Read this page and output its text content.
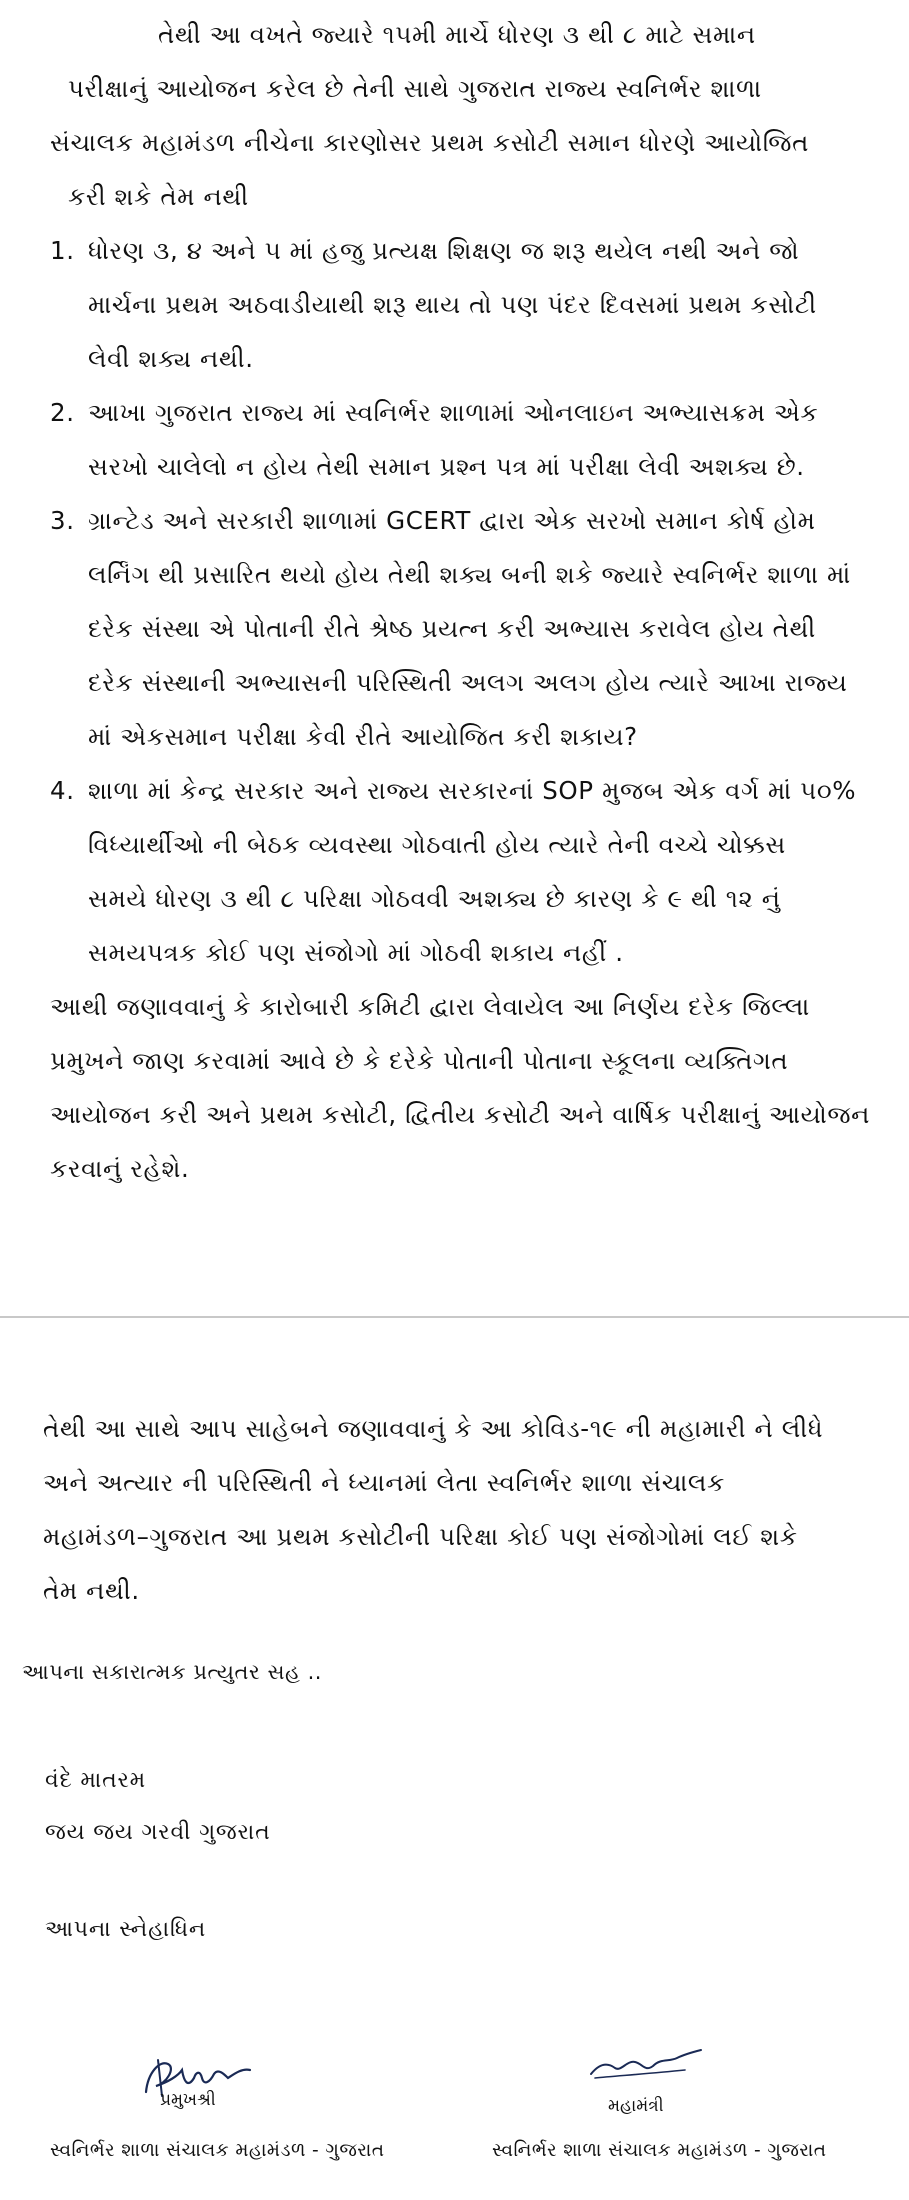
તેથી આ વખતે જ્યારે ૧૫મી માર્ચે ધોરણ ૩ થી ૮ માટે સમાન
પરીક્ષાનું આયોજન કરેલ છે તેની સાથે ગુજરાત રાજ્ય સ્વનિર્ભર શાળા
સંચાલક મહામંડળ નીચેના કારણોસર પ્રથમ કસોટી સમાન ધોરણે આયોજિત
કરી શકે તેમ નથી
1. ધોરણ ૩, ૪ અને ૫ માં હજુ પ્રત્યક્ષ શિક્ષણ જ શરૂ થયેલ નથી અને જો
માર્ચના પ્રથમ અઠવાડીયાથી શરૂ થાય તો પણ પંદર દિવસમાં પ્રથમ કસોટી
લેવી શક્ય નથી.
2. આખા ગુજરાત રાજ્ય માં સ્વનિર્ભર શાળામાં ઓનલાઇન અભ્યાસક્રમ એક
સરખો ચાલેલો ન હોય તેથી સમાન પ્રશ્ન પત્ર માં પરીક્ષા લેવી અશક્ય છે.
3. ગ્રાન્ટેડ અને સરકારી શાળામાં GCERT દ્વારા એક સરખો સમાન કોર્ષ હોમ
લર્નિંગ થી પ્રસારિત થયો હોય તેથી શક્ય બની શકે જ્યારે સ્વનિર્ભર શાળા માં
દરેક સંસ્થા એ પોતાની રીતે શ્રેષ્ઠ પ્રયત્ન કરી અભ્યાસ કરાવેલ હોય તેથી
દરેક સંસ્થાની અભ્યાસની પરિસ્થિતી અલગ અલગ હોય ત્યારે આખા રાજ્ય
માં એકસમાન પરીક્ષા કેવી રીતે આયોજિત કરી શકાય?
4. શાળા માં કેન્દ્ર સરકાર અને રાજ્ય સરકારનાં SOP મુજબ એક વર્ગ માં ૫૦%
વિધ્યાર્થીઓ ની બેઠક વ્યવસ્થા ગોઠવાતી હોય ત્યારે તેની વચ્ચે ચોક્કસ
સમયે ધોરણ ૩ થી ૮ પરિક્ષા ગોઠવવી અશક્ય છે કારણ કે ૯ થી ૧૨ નું
સમયપત્રક કોઈ પણ સંજોગો માં ગોઠવી શકાય નહીં .
આથી જણાવવાનું કે કારોબારી કમિટી દ્વારા લેવાયેલ આ નિર્ણય દરેક જિલ્લા
પ્રમુખને જાણ કરવામાં આવે છે કે દરેકે પોતાની પોતાના સ્કૂલના વ્યક્તિગત
આયોજન કરી અને પ્રથમ કસોટી, દ્વિતીય કસોટી અને વાર્ષિક પરીક્ષાનું આયોજન
કરવાનું રહેશે.
તેથી આ સાથે આપ સાહેબને જણાવવાનું કે આ કોવિડ-૧૯ ની મહામારી ને લીધે
અને અત્યાર ની પરિસ્થિતી ને ધ્યાનમાં લેતા સ્વનિર્ભર શાળા સંચાલક
મહામંડળ–ગુજરાત આ પ્રથમ કસોટીની પરિક્ષા કોઈ પણ સંજોગોમાં લઈ શકે
તેમ નથી.
આપના સકારાત્મક પ્રત્યુતર સહ ..
વંદે માતરમ
જય જય ગરવી ગુજરાત
આપના સ્નેહાધિન
પ્રમુખશ્રી
સ્વનિર્ભર શાળા સંચાલક મહામંડળ - ગુજરાત
મહામંત્રી
સ્વનિર્ભર શાળા સંચાલક મહામંડળ - ગુજરાત
